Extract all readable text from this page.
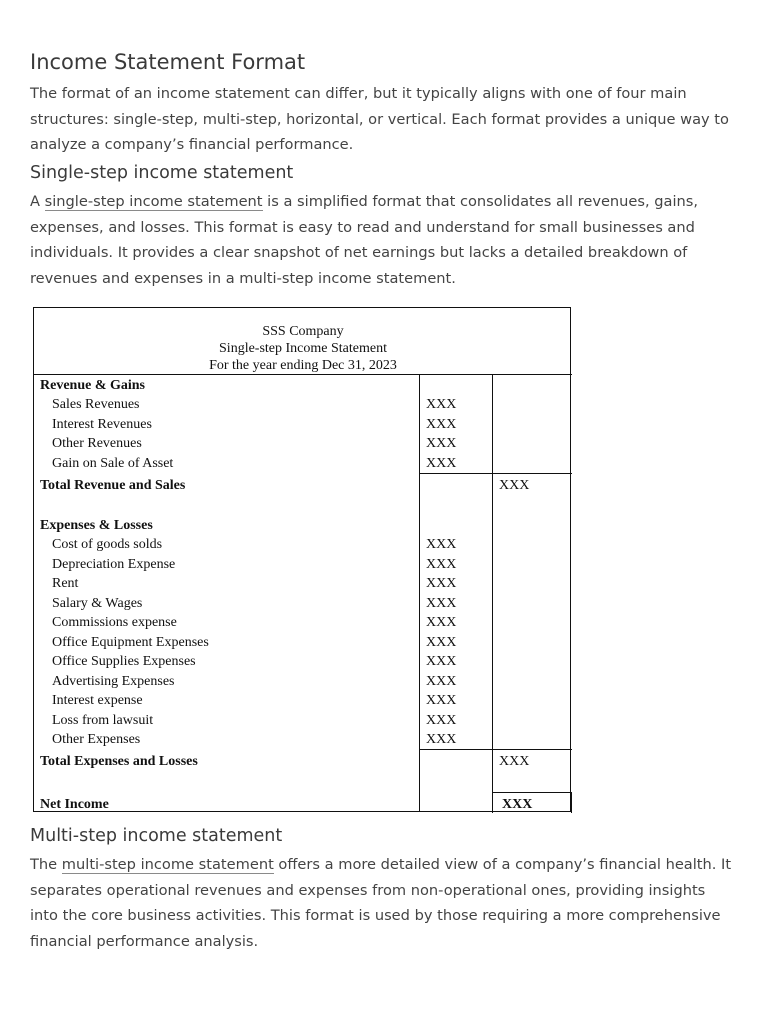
Income Statement Format

The format of an income statement can differ, but it typically aligns with one of four main structures: single-step, multi-step, horizontal, or vertical. Each format provides a unique way to analyze a company’s financial performance.

Single-step income statement

A single-step income statement is a simplified format that consolidates all revenues, gains, expenses, and losses. This format is easy to read and understand for small businesses and individuals. It provides a clear snapshot of net earnings but lacks a detailed breakdown of revenues and expenses in a multi-step income statement.

Multi-step income statement

The multi-step income statement offers a more detailed view of a company’s financial health. It separates operational revenues and expenses from non-operational ones, providing insights into the core business activities. This format is used by those requiring a more comprehensive financial performance analysis.

SSS Company
Single-step Income Statement
For the year ending Dec 31, 2023
Revenue & Gains
Sales Revenues	XXX
Interest Revenues	XXX
Other Revenues	XXX
Gain on Sale of Asset	XXX
Total Revenue and Sales	XXX
Expenses & Losses
Cost of goods solds	XXX
Depreciation Expense	XXX
Rent	XXX
Salary & Wages	XXX
Commissions expense	XXX
Office Equipment Expenses	XXX
Office Supplies Expenses	XXX
Advertising Expenses	XXX
Interest expense	XXX
Loss from lawsuit	XXX
Other Expenses	XXX
Total Expenses and Losses	XXX
Net Income	XXX
